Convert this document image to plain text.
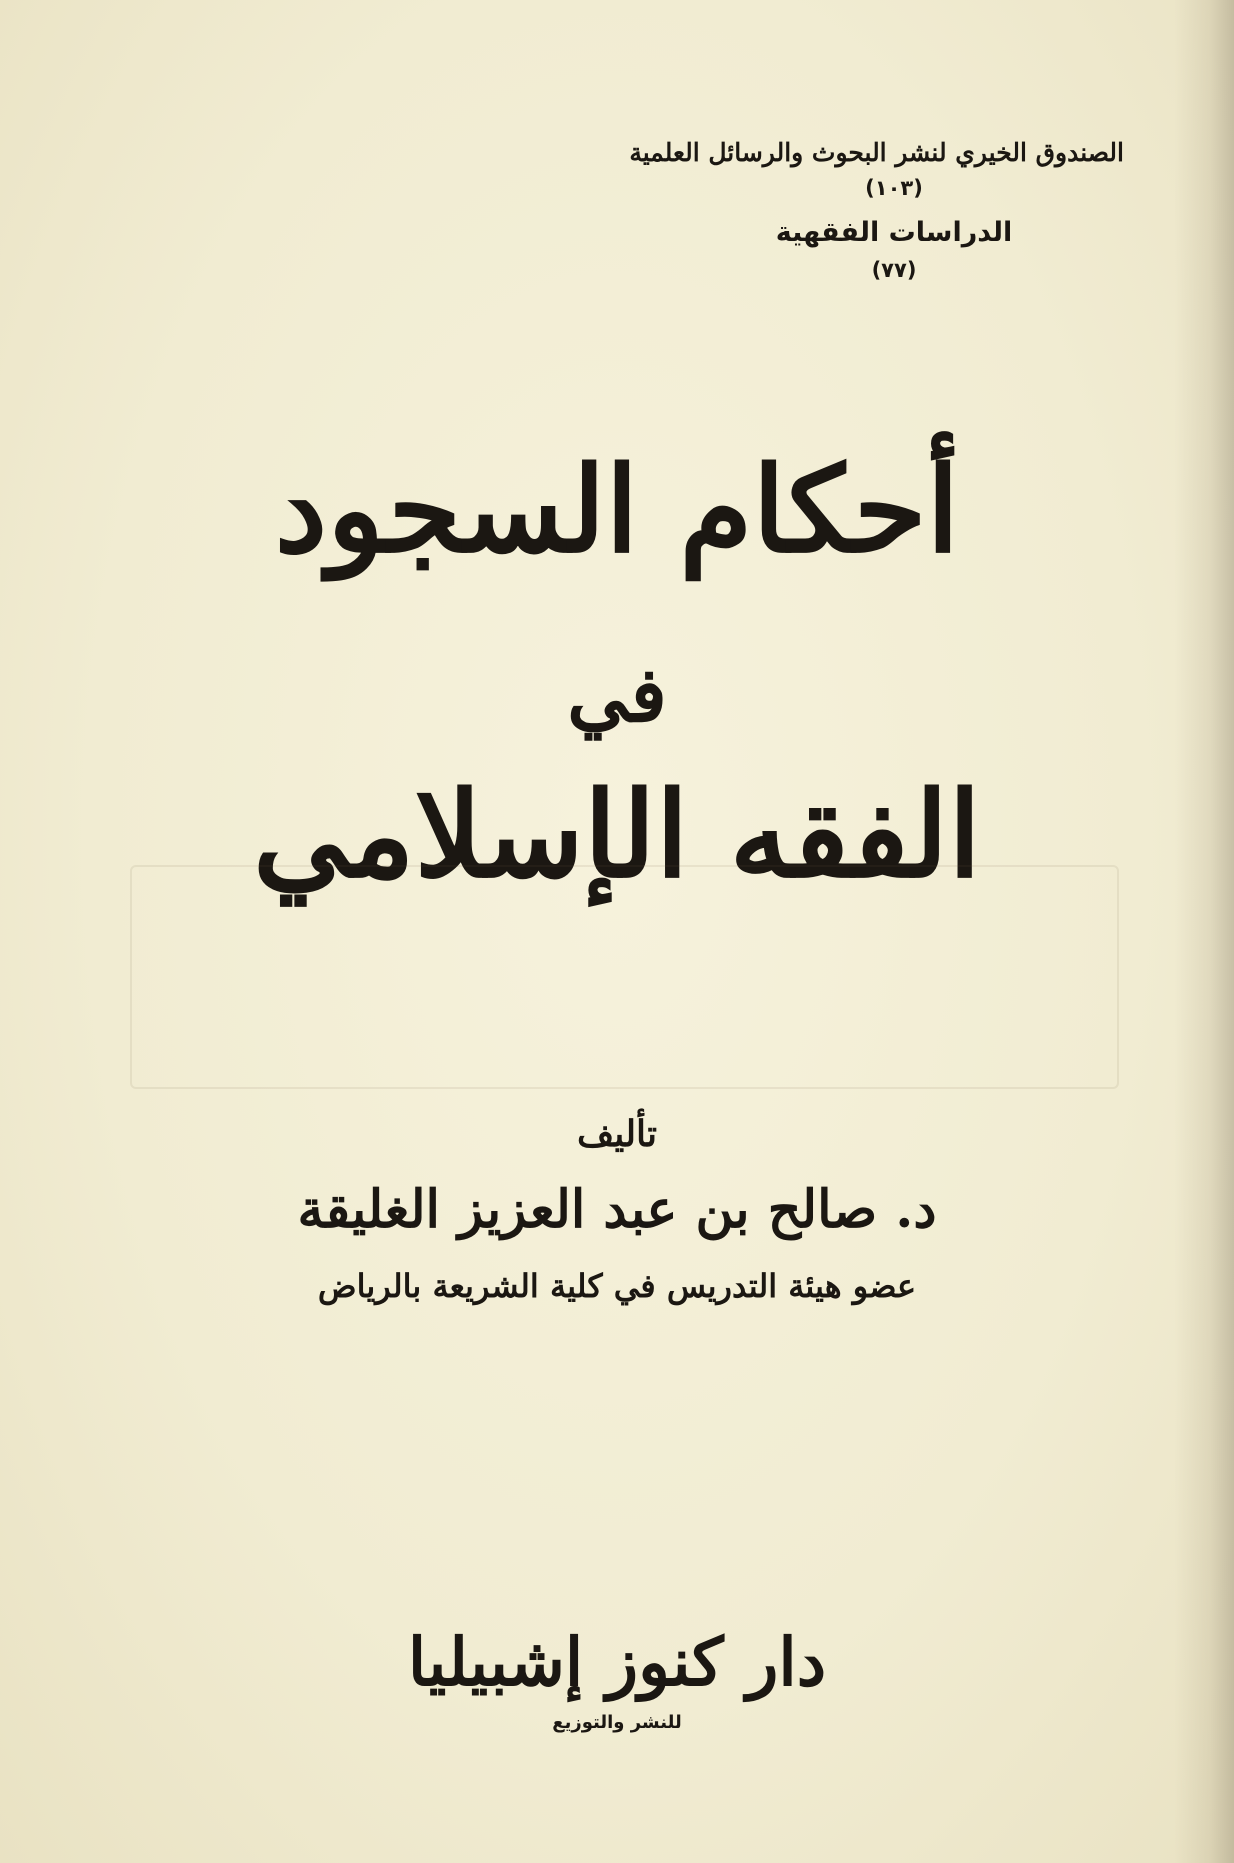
الصندوق الخيري لنشر البحوث والرسائل العلمية
(١٠٣)
الدراسات الفقهية
(٧٧)
أحكام السجود
في
الفقه الإسلامي
تأليف
د. صالح بن عبد العزيز الغليقة
عضو هيئة التدريس في كلية الشريعة بالرياض
دار كنوز إشبيليا
للنشر والتوزيع
